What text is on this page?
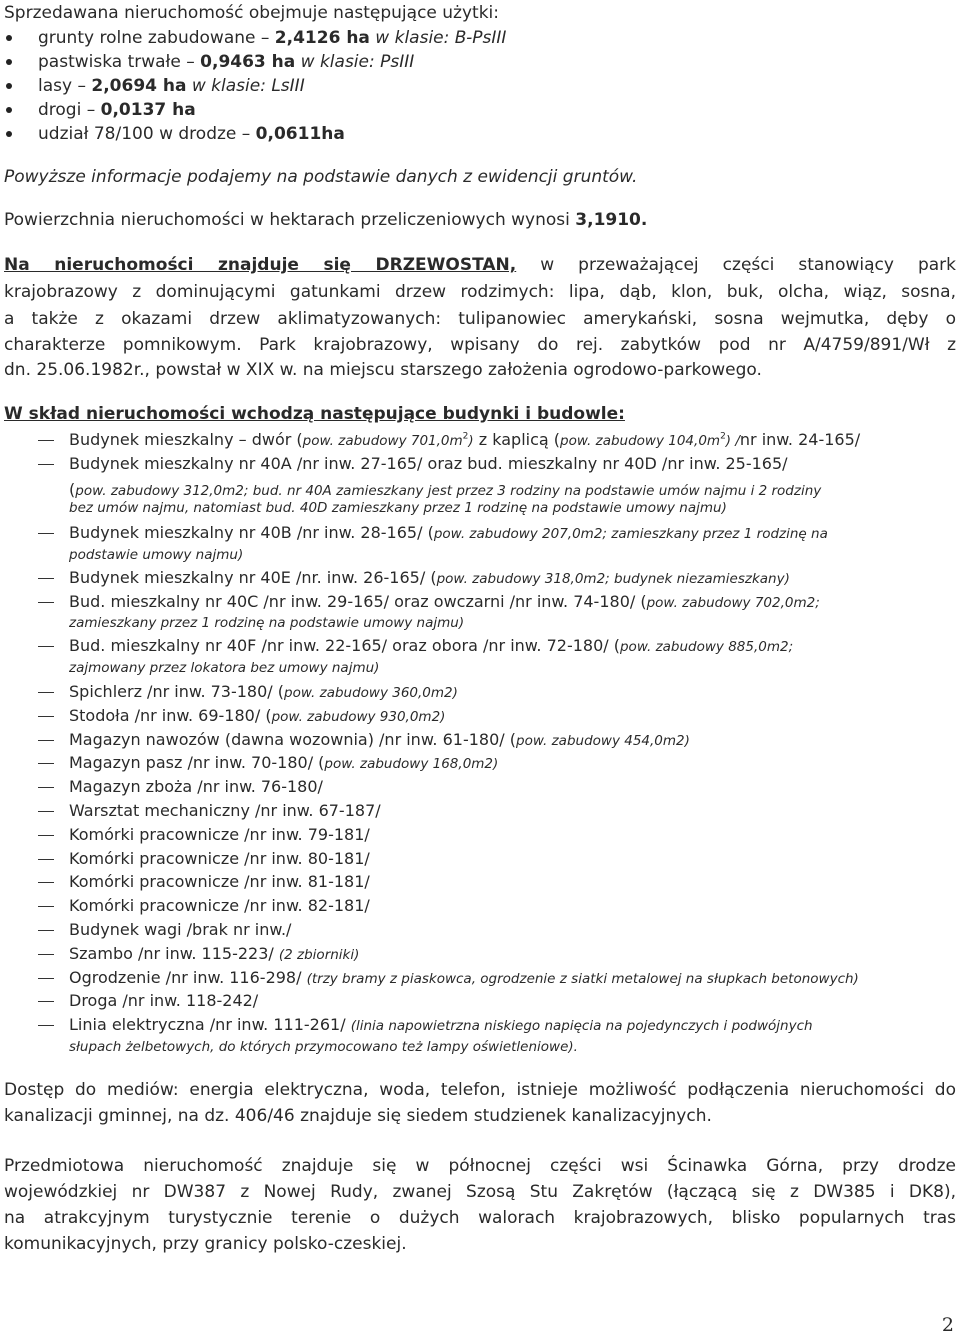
Sprzedawana nieruchomość obejmuje następujące użytki:
grunty rolne zabudowane – 2,4126 ha w klasie: B-PsIII
pastwiska trwałe – 0,9463 ha w klasie: PsIII
lasy – 2,0694 ha w klasie: LsIII
drogi – 0,0137 ha
udział 78/100 w drodze – 0,0611ha
Powyższe informacje podajemy na podstawie danych z ewidencji gruntów.
Powierzchnia nieruchomości w hektarach przeliczeniowych wynosi 3,1910.
Na nieruchomości znajduje się DRZEWOSTAN, w przeważającej części stanowiący park
krajobrazowy z dominującymi gatunkami drzew rodzimych: lipa, dąb, klon, buk, olcha, wiąz, sosna,
a także z okazami drzew aklimatyzowanych: tulipanowiec amerykański, sosna wejmutka, dęby o
charakterze pomnikowym. Park krajobrazowy, wpisany do rej. zabytków pod nr A/4759/891/Wł z
dn. 25.06.1982r., powstał w XIX w. na miejscu starszego założenia ogrodowo-parkowego.
W skład nieruchomości wchodzą następujące budynki i budowle:
Budynek mieszkalny – dwór (pow. zabudowy $701,0m^2$) z kaplicą (pow. zabudowy $104,0m^2$) /nr inw. 24-165/
Budynek mieszkalny nr 40A /nr inw. 27-165/ oraz bud. mieszkalny nr 40D /nr inw. 25-165/
(pow. zabudowy 312,0m2; bud. nr 40A zamieszkany jest przez 3 rodziny na podstawie umów najmu i 2 rodziny
bez umów najmu, natomiast bud. 40D zamieszkany przez 1 rodzinę na podstawie umowy najmu)
Budynek mieszkalny nr 40B /nr inw. 28-165/ (pow. zabudowy 207,0m2; zamieszkany przez 1 rodzinę na
podstawie umowy najmu)
Budynek mieszkalny nr 40E /nr. inw. 26-165/ (pow. zabudowy 318,0m2; budynek niezamieszkany)
Bud. mieszkalny nr 40C /nr inw. 29-165/ oraz owczarni /nr inw. 74-180/ (pow. zabudowy 702,0m2;
zamieszkany przez 1 rodzinę na podstawie umowy najmu)
Bud. mieszkalny nr 40F /nr inw. 22-165/ oraz obora /nr inw. 72-180/ (pow. zabudowy 885,0m2;
zajmowany przez lokatora bez umowy najmu)
Spichlerz /nr inw. 73-180/ (pow. zabudowy 360,0m2)
Stodoła /nr inw. 69-180/ (pow. zabudowy 930,0m2)
Magazyn nawozów (dawna wozownia) /nr inw. 61-180/ (pow. zabudowy 454,0m2)
Magazyn pasz /nr inw. 70-180/ (pow. zabudowy 168,0m2)
Magazyn zboża /nr inw. 76-180/
Warsztat mechaniczny /nr inw. 67-187/
Komórki pracownicze /nr inw. 79-181/
Komórki pracownicze /nr inw. 80-181/
Komórki pracownicze /nr inw. 81-181/
Komórki pracownicze /nr inw. 82-181/
Budynek wagi /brak nr inw./
Szambo /nr inw. 115-223/ (2 zbiorniki)
Ogrodzenie /nr inw. 116-298/ (trzy bramy z piaskowca, ogrodzenie z siatki metalowej na słupkach betonowych)
Droga /nr inw. 118-242/
Linia elektryczna /nr inw. 111-261/ (linia napowietrzna niskiego napięcia na pojedynczych i podwójnych
słupach żelbetowych, do których przymocowano też lampy oświetleniowe).
Dostęp do mediów: energia elektryczna, woda, telefon, istnieje możliwość podłączenia nieruchomości do
kanalizacji gminnej, na dz. 406/46 znajduje się siedem studzienek kanalizacyjnych.
Przedmiotowa nieruchomość znajduje się w północnej części wsi Ścinawka Górna, przy drodze
wojewódzkiej nr DW387 z Nowej Rudy, zwanej Szosą Stu Zakrętów (łączącą się z DW385 i DK8),
na atrakcyjnym turystycznie terenie o dużych walorach krajobrazowych, blisko popularnych tras
komunikacyjnych, przy granicy polsko-czeskiej.
2
